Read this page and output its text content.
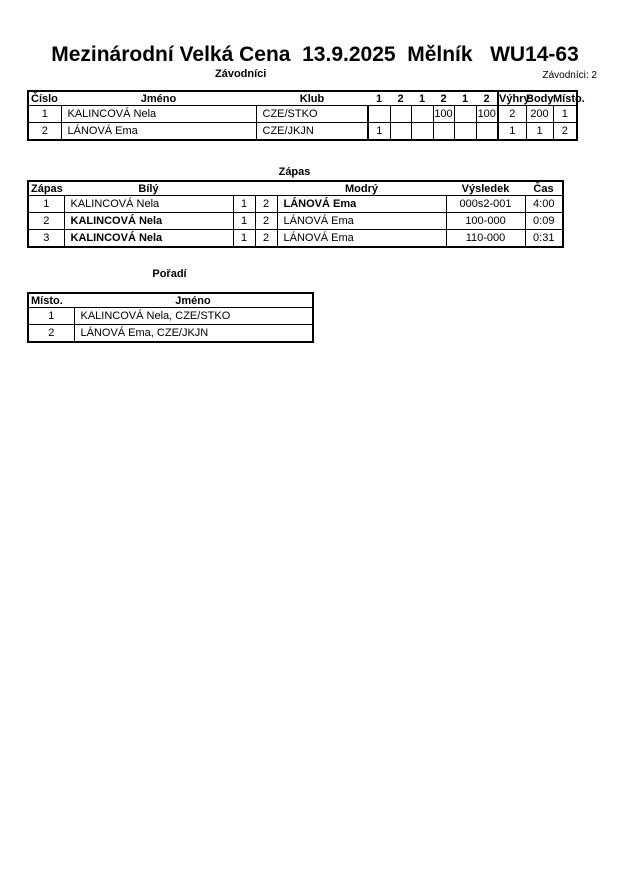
Mezinárodní Velká Cena  13.9.2025  Mělník   WU14-63
Závodníci	Závodníci: 2
Číslo	Jméno	Klub	1	2	1	2	1	2	Výhry	Body	Místo.
1	KALINCOVÁ Nela	CZE/STKO				100		100	2	200	1
2	LÁNOVÁ Ema	CZE/JKJN	1						1	1	2
Zápas
Zápas	Bílý			Modrý	Výsledek	Čas
1	KALINCOVÁ Nela	1	2	LÁNOVÁ Ema	000s2-001	4:00
2	KALINCOVÁ Nela	1	2	LÁNOVÁ Ema	100-000	0:09
3	KALINCOVÁ Nela	1	2	LÁNOVÁ Ema	110-000	0:31
Pořadí
Místo.	Jméno
1	KALINCOVÁ Nela, CZE/STKO
2	LÁNOVÁ Ema, CZE/JKJN
